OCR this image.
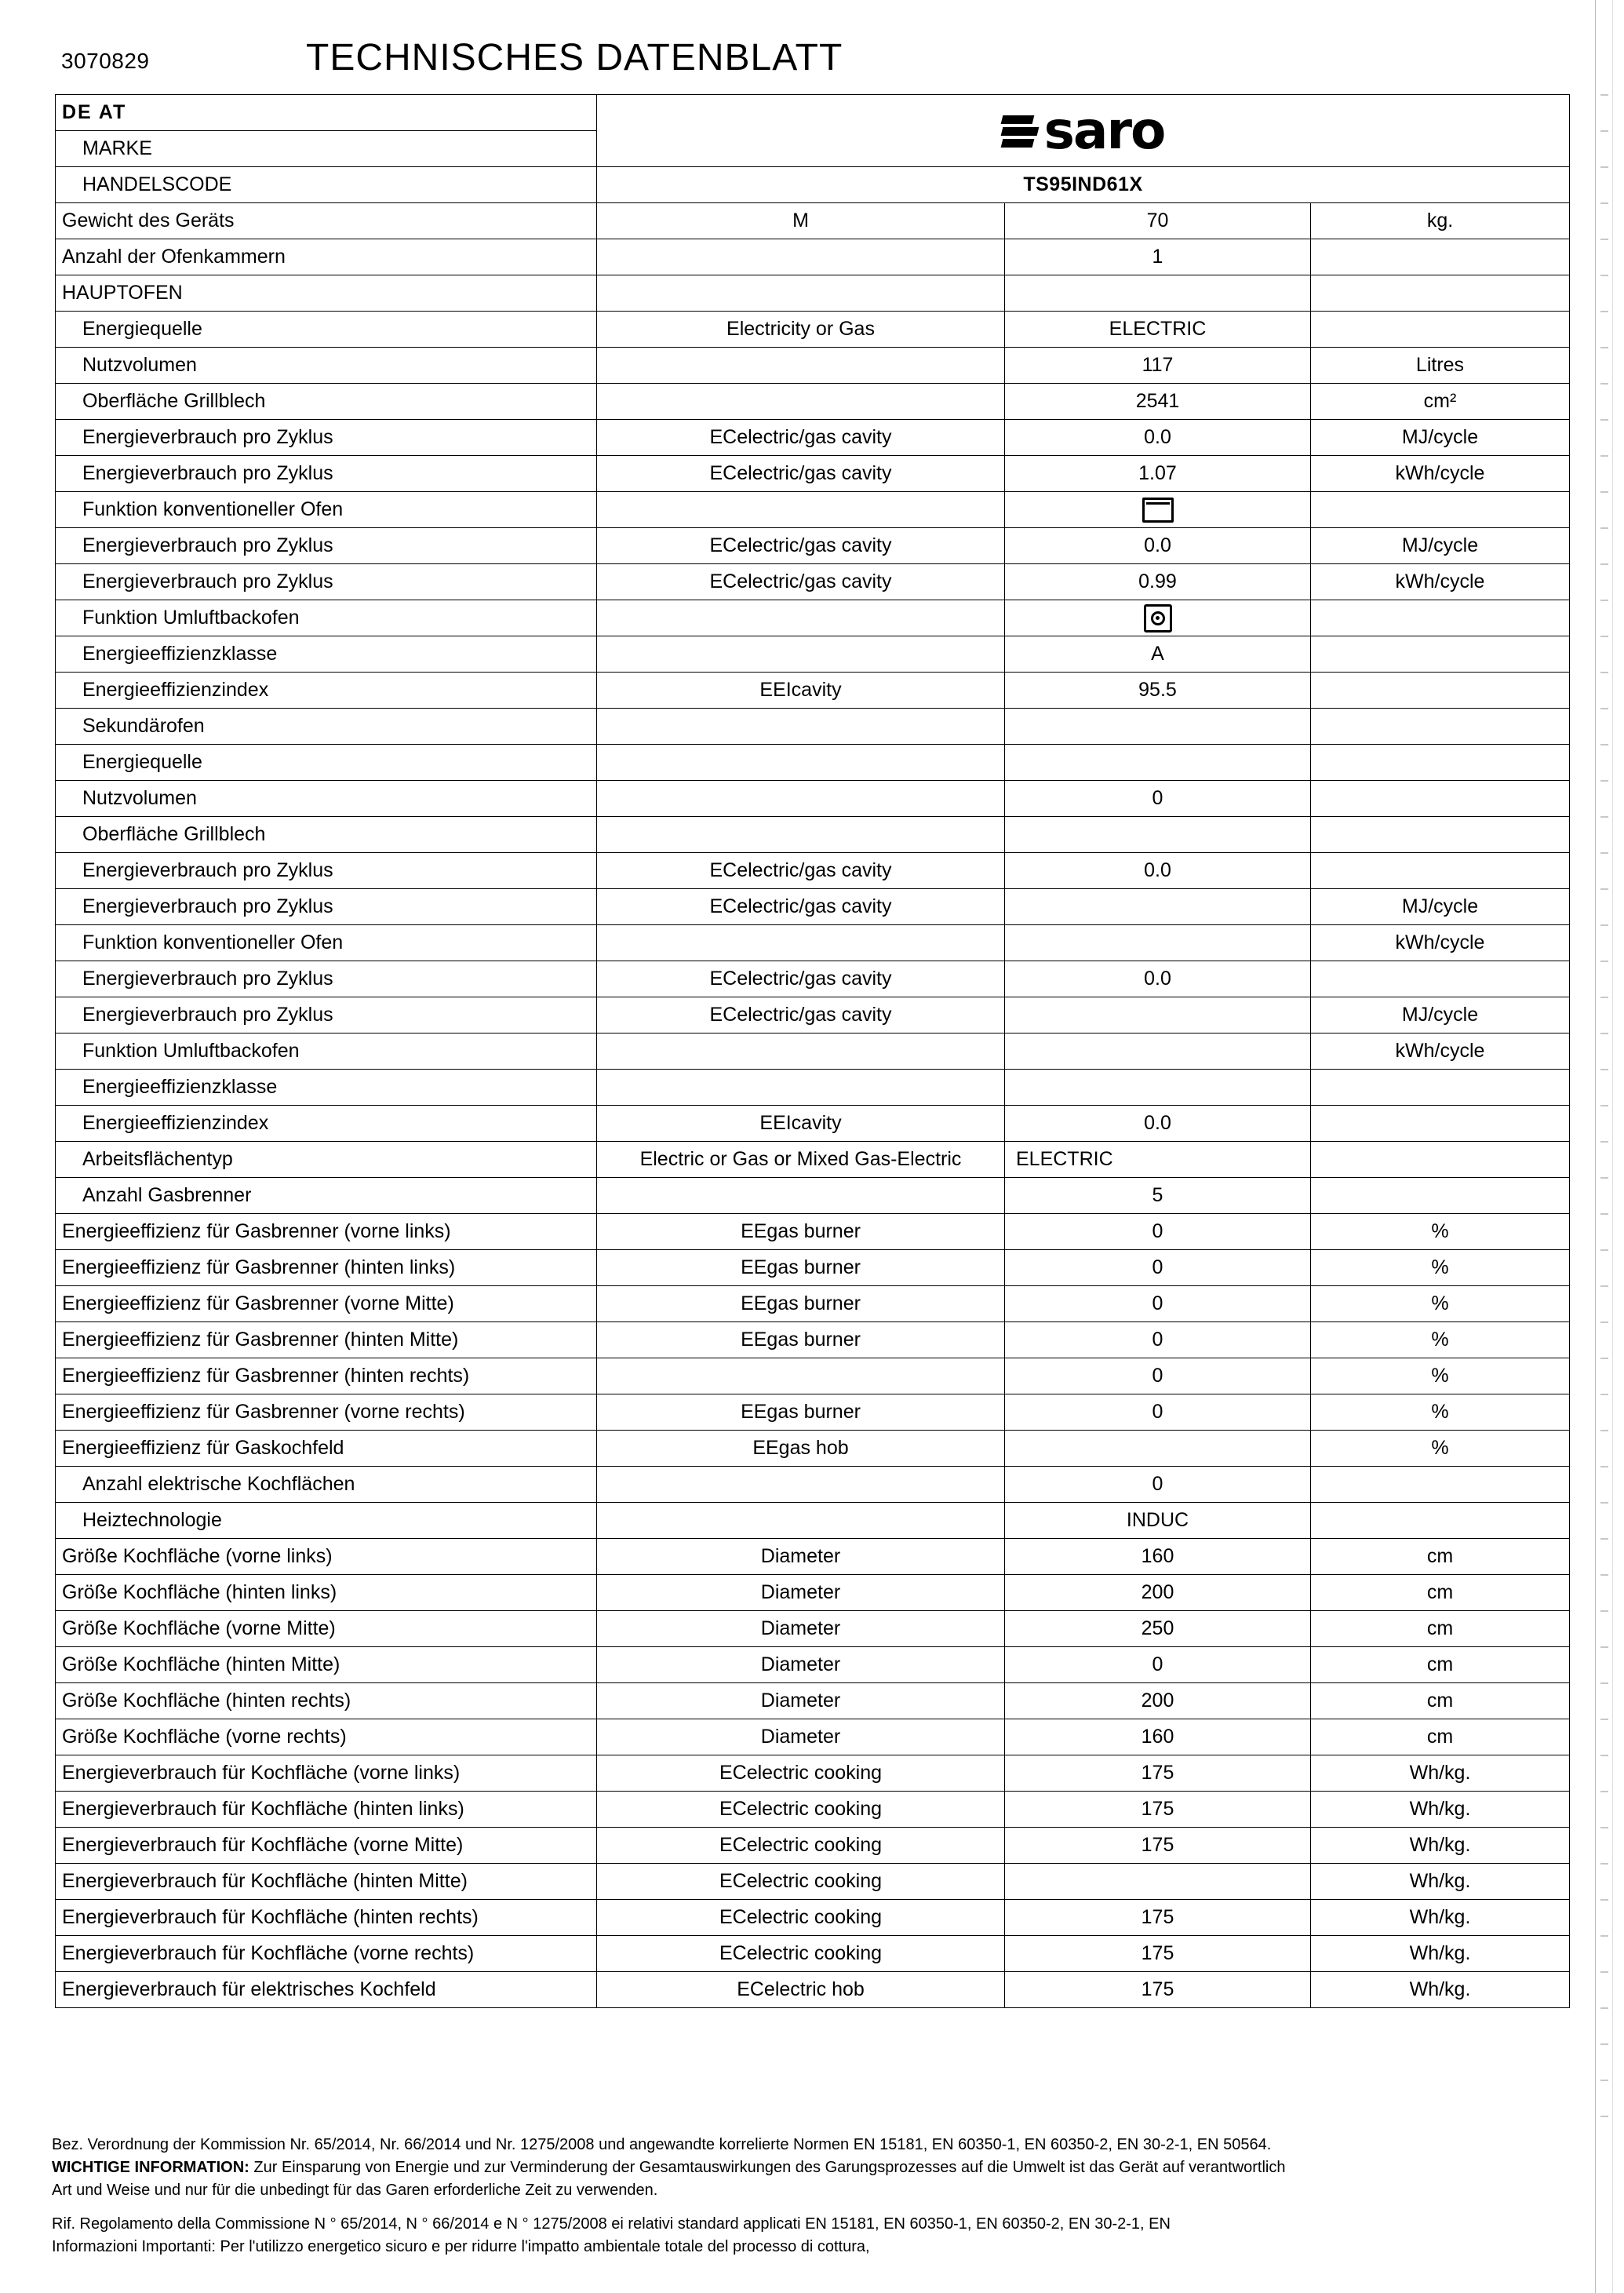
3070829	TECHNISCHES DATENBLATT
DE AT	saro		

MARKE			
HANDELSCODE	TS95IND61X		
Gewicht des Geräts	M	70	kg.
Anzahl der Ofenkammern		1	
HAUPTOFEN			
Energiequelle	Electricity or Gas	ELECTRIC	
Nutzvolumen		117	Litres
Oberfläche Grillblech		2541	cm²
Energieverbrauch pro Zyklus	ECelectric/gas cavity	0.0	MJ/cycle
Energieverbrauch pro Zyklus	ECelectric/gas cavity	1.07	kWh/cycle
Funktion konventioneller Ofen			
Energieverbrauch pro Zyklus	ECelectric/gas cavity	0.0	MJ/cycle
Energieverbrauch pro Zyklus	ECelectric/gas cavity	0.99	kWh/cycle
Funktion Umluftbackofen			
Energieeffizienzklasse		A	
Energieeffizienzindex	EEIcavity	95.5	
Sekundärofen			
Energiequelle			
Nutzvolumen		0	
Oberfläche Grillblech			
Energieverbrauch pro Zyklus	ECelectric/gas cavity	0.0	
Energieverbrauch pro Zyklus	ECelectric/gas cavity		MJ/cycle
Funktion konventioneller Ofen			kWh/cycle
Energieverbrauch pro Zyklus	ECelectric/gas cavity	0.0	
Energieverbrauch pro Zyklus	ECelectric/gas cavity		MJ/cycle
Funktion Umluftbackofen			kWh/cycle
Energieeffizienzklasse			
Energieeffizienzindex	EEIcavity	0.0	
Arbeitsflächentyp	Electric or Gas or Mixed Gas-Electric	ELECTRIC	
Anzahl Gasbrenner		5	
Energieeffizienz für Gasbrenner (vorne links)	EEgas burner	0	%
Energieeffizienz für Gasbrenner (hinten links)	EEgas burner	0	%
Energieeffizienz für Gasbrenner (vorne Mitte)	EEgas burner	0	%
Energieeffizienz für Gasbrenner (hinten Mitte)	EEgas burner	0	%
Energieeffizienz für Gasbrenner (hinten rechts)		0	%
Energieeffizienz für Gasbrenner (vorne rechts)	EEgas burner	0	%
Energieeffizienz für Gaskochfeld	EEgas hob		%
Anzahl elektrische Kochflächen		0	
Heiztechnologie		INDUC	
Größe Kochfläche (vorne links)	Diameter	160	cm
Größe Kochfläche (hinten links)	Diameter	200	cm
Größe Kochfläche (vorne Mitte)	Diameter	250	cm
Größe Kochfläche (hinten Mitte)	Diameter	0	cm
Größe Kochfläche (hinten rechts)	Diameter	200	cm
Größe Kochfläche (vorne rechts)	Diameter	160	cm
Energieverbrauch für Kochfläche (vorne links)	ECelectric cooking	175	Wh/kg.
Energieverbrauch für Kochfläche (hinten links)	ECelectric cooking	175	Wh/kg.
Energieverbrauch für Kochfläche (vorne Mitte)	ECelectric cooking	175	Wh/kg.
Energieverbrauch für Kochfläche (hinten Mitte)	ECelectric cooking		Wh/kg.
Energieverbrauch für Kochfläche (hinten rechts)	ECelectric cooking	175	Wh/kg.
Energieverbrauch für Kochfläche (vorne rechts)	ECelectric cooking	175	Wh/kg.
Energieverbrauch für elektrisches Kochfeld	ECelectric hob	175	Wh/kg.

Bez. Verordnung der Kommission Nr. 65/2014, Nr. 66/2014 und Nr. 1275/2008 und angewandte korrelierte Normen EN 15181, EN 60350-1, EN 60350-2, EN 30-2-1, EN 50564.

WICHTIGE INFORMATION: Zur Einsparung von Energie und zur Verminderung der Gesamtauswirkungen des Garungsprozesses auf die Umwelt ist das Gerät auf verantwortlich

Art und Weise und nur für die unbedingt für das Garen erforderliche Zeit zu verwenden.

Rif. Regolamento della Commissione N ° 65/2014, N ° 66/2014 e N ° 1275/2008 ei relativi standard applicati EN 15181, EN 60350-1, EN 60350-2, EN 30-2-1, EN

Informazioni Importanti: Per l'utilizzo energetico sicuro e per ridurre l'impatto ambientale totale del processo di cottura,
